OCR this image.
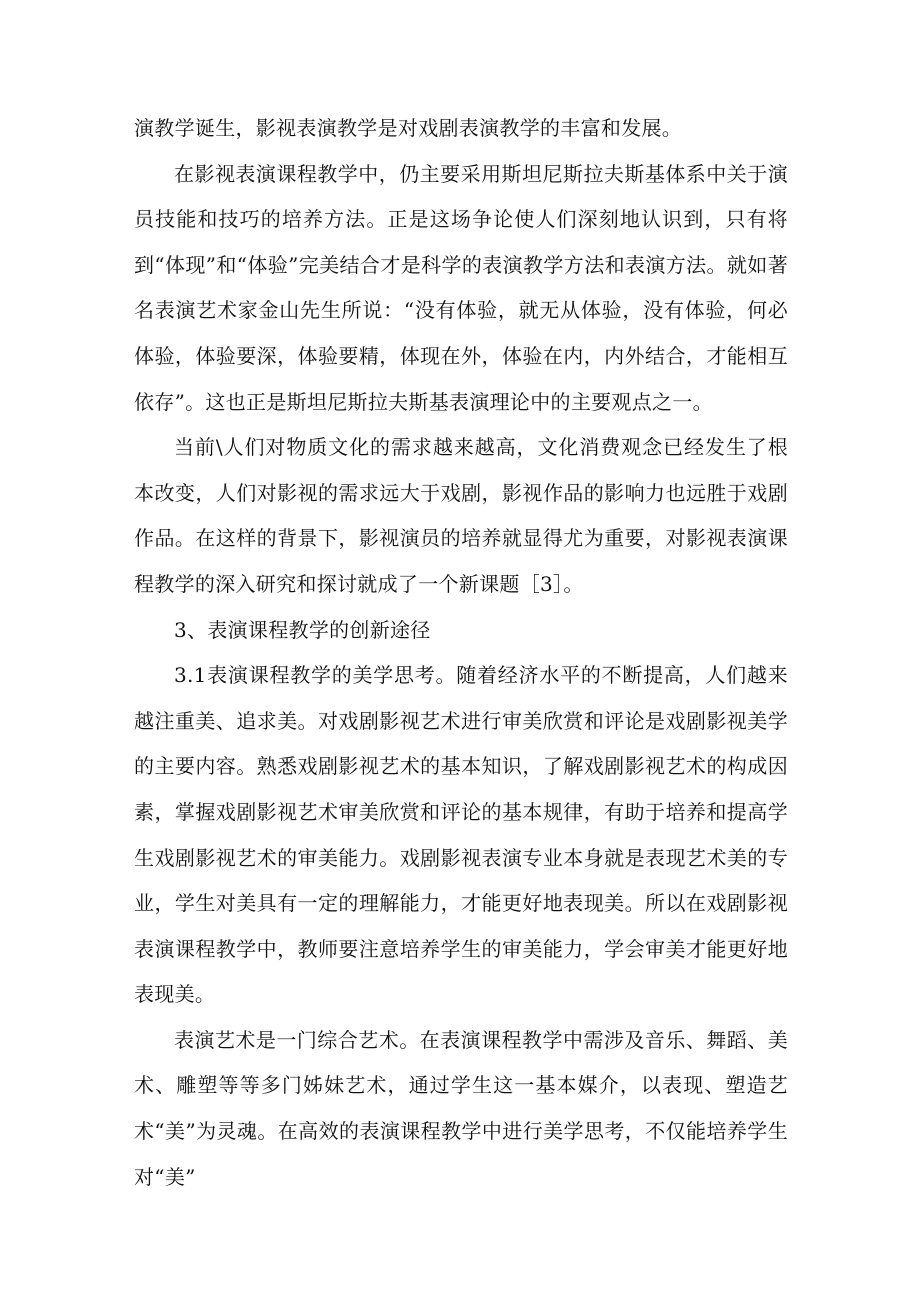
演教学诞生，影视表演教学是对戏剧表演教学的丰富和发展。

在影视表演课程教学中，仍主要采用斯坦尼斯拉夫斯基体系中关于演员技能和技巧的培养方法。正是这场争论使人们深刻地认识到，只有将到“体现”和“体验”完美结合才是科学的表演教学方法和表演方法。就如著名表演艺术家金山先生所说：“没有体验，就无从体验，没有体验，何必体验，体验要深，体验要精，体现在外，体验在内，内外结合，才能相互依存”。这也正是斯坦尼斯拉夫斯基表演理论中的主要观点之一。

当前\人们对物质文化的需求越来越高，文化消费观念已经发生了根本改变，人们对影视的需求远大于戏剧，影视作品的影响力也远胜于戏剧作品。在这样的背景下，影视演员的培养就显得尤为重要，对影视表演课程教学的深入研究和探讨就成了一个新课题［3］。

3、表演课程教学的创新途径

3.1表演课程教学的美学思考。随着经济水平的不断提高，人们越来越注重美、追求美。对戏剧影视艺术进行审美欣赏和评论是戏剧影视美学的主要内容。熟悉戏剧影视艺术的基本知识，了解戏剧影视艺术的构成因素，掌握戏剧影视艺术审美欣赏和评论的基本规律，有助于培养和提高学生戏剧影视艺术的审美能力。戏剧影视表演专业本身就是表现艺术美的专业，学生对美具有一定的理解能力，才能更好地表现美。所以在戏剧影视表演课程教学中，教师要注意培养学生的审美能力，学会审美才能更好地表现美。

表演艺术是一门综合艺术。在表演课程教学中需涉及音乐、舞蹈、美术、雕塑等等多门姊妹艺术，通过学生这一基本媒介，以表现、塑造艺术“美”为灵魂。在高效的表演课程教学中进行美学思考，不仅能培养学生对“美”
